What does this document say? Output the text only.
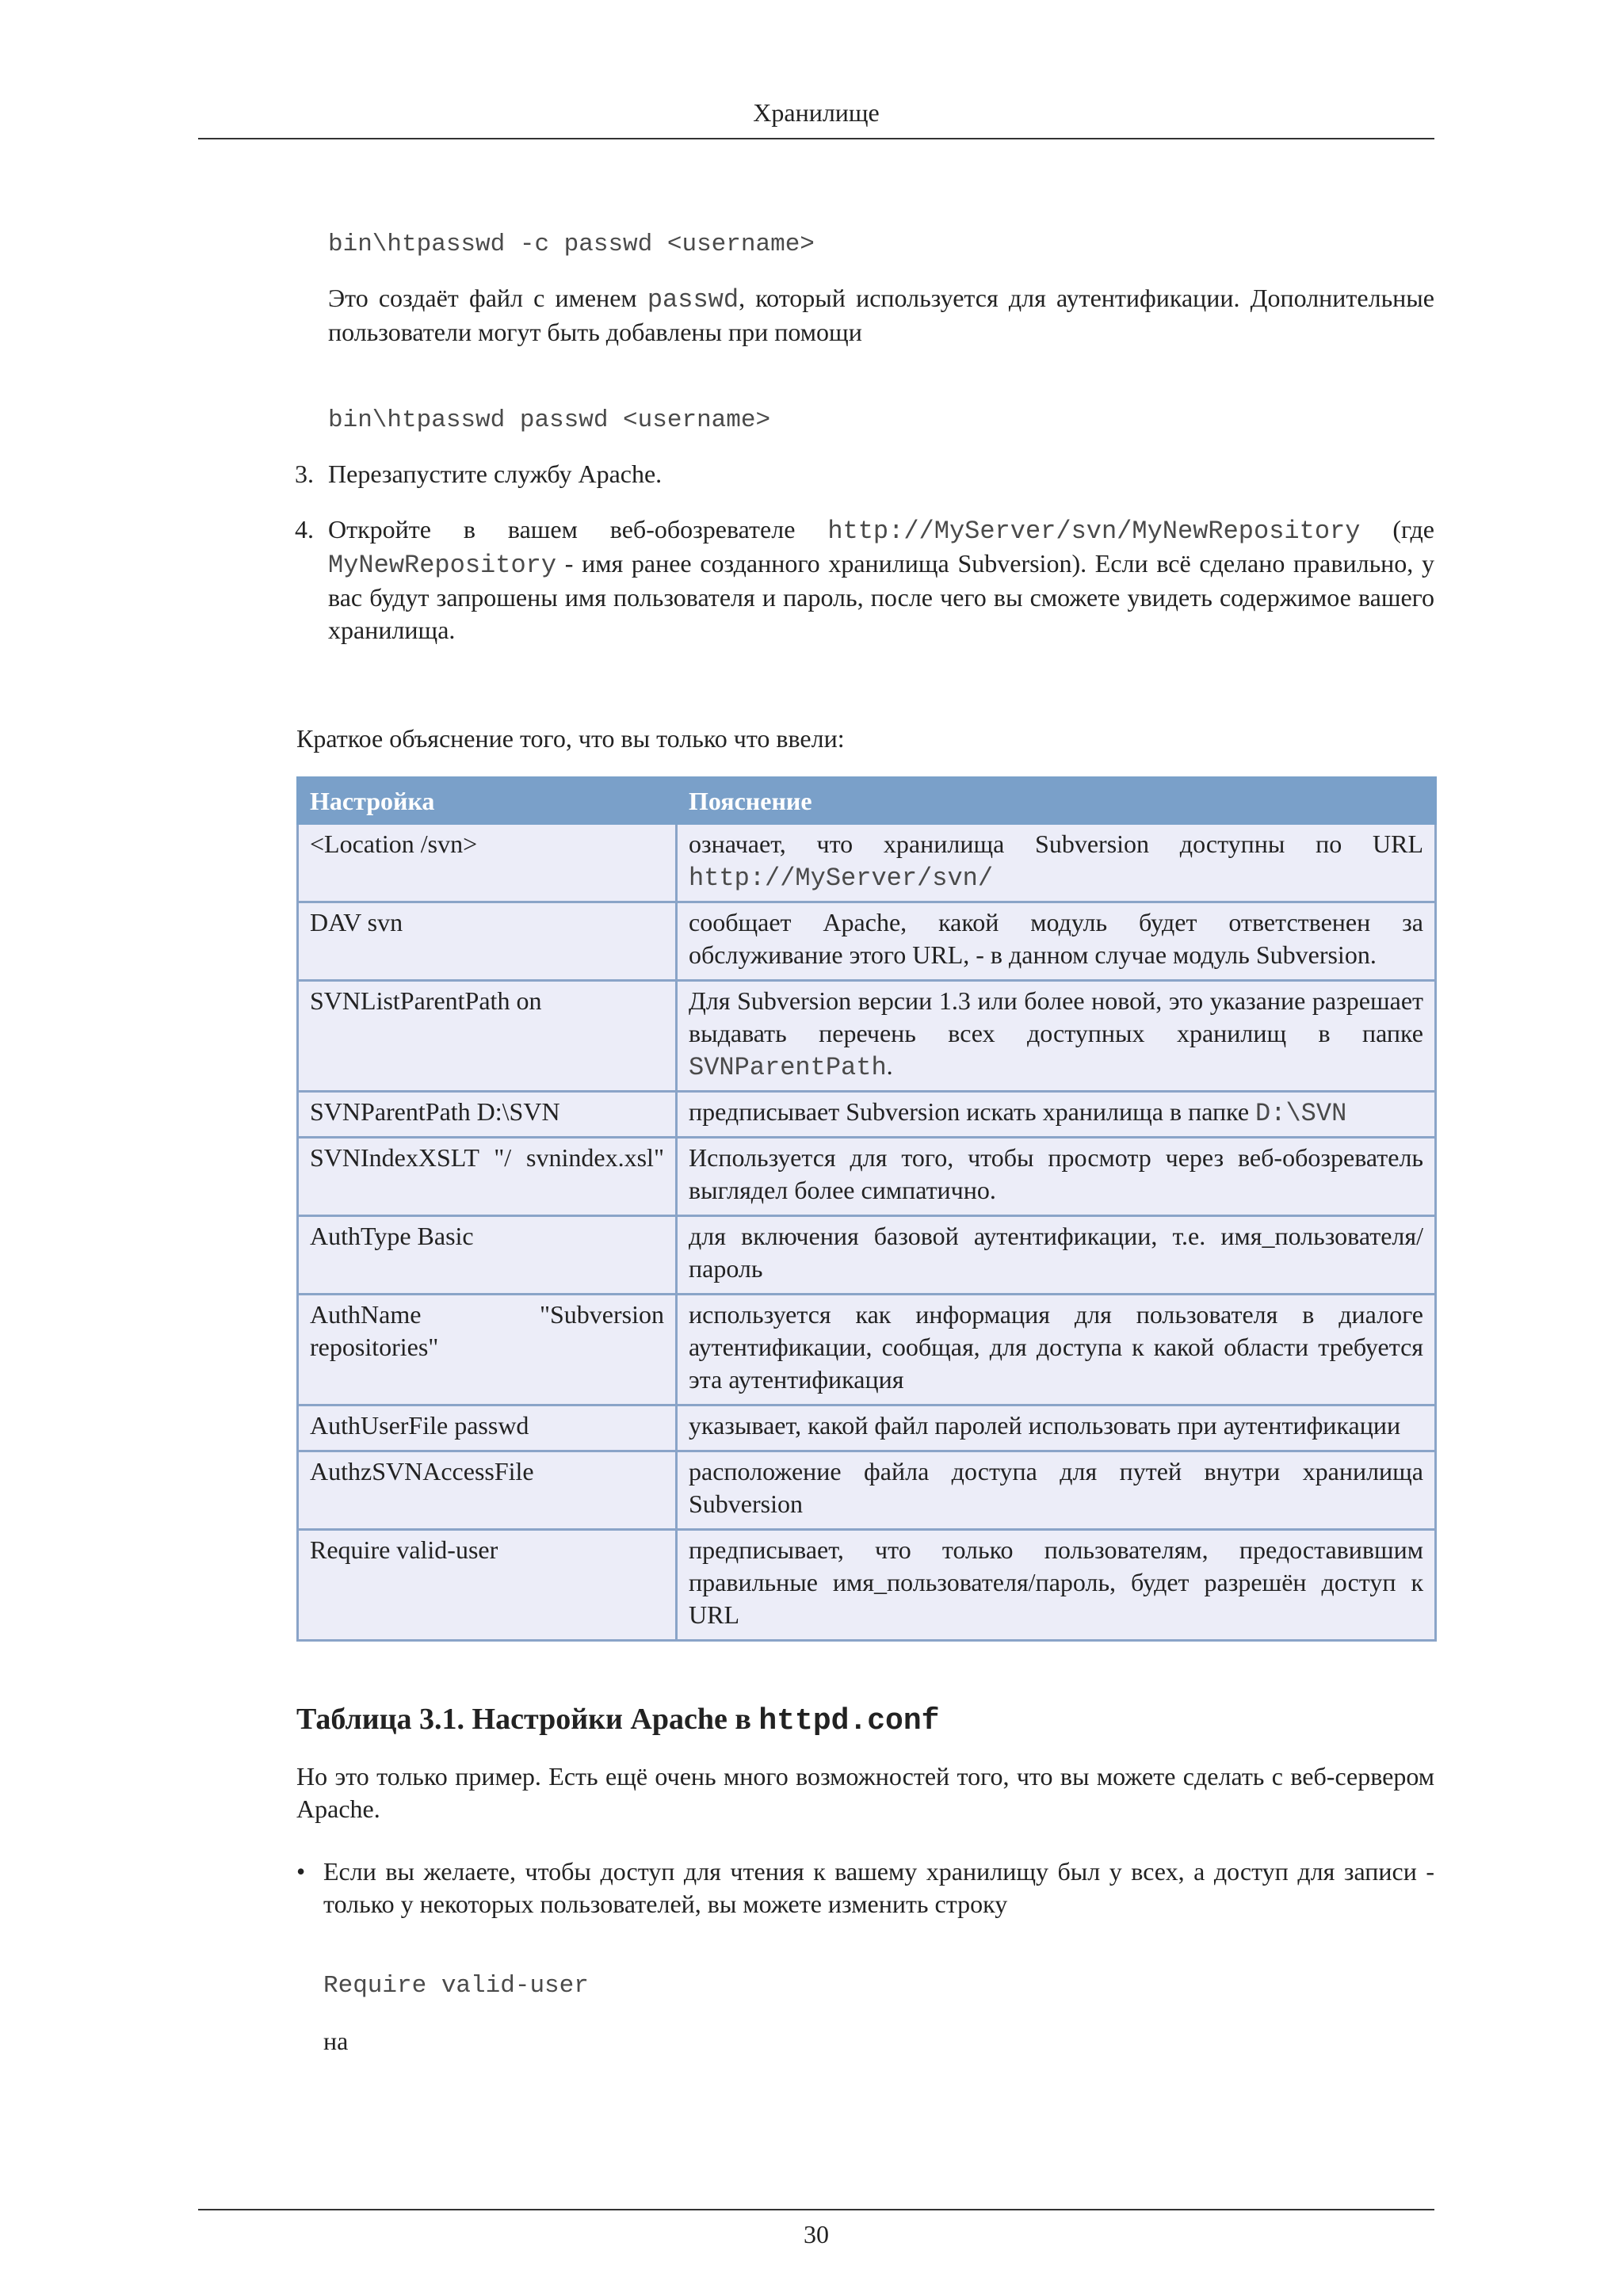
Хранилище
bin\htpasswd -c passwd <username>
Это создаёт файл с именем passwd, который используется для аутентификации. Дополнительные пользователи могут быть добавлены при помощи
bin\htpasswd passwd <username>
3. Перезапустите службу Apache.
4. Откройте в вашем веб-обозревателе http://MyServer/svn/MyNewRepository (где MyNewRepository - имя ранее созданного хранилища Subversion). Если всё сделано правильно, у вас будут запрошены имя пользователя и пароль, после чего вы сможете увидеть содержимое вашего хранилища.
Краткое объяснение того, что вы только что ввели:
Настройка	Пояснение
<Location /svn>	означает, что хранилища Subversion доступны по URL http://MyServer/svn/
DAV svn	сообщает Apache, какой модуль будет ответственен за обслуживание этого URL, - в данном случае модуль Subversion.
SVNListParentPath on	Для Subversion версии 1.3 или более новой, это указание разрешает выдавать перечень всех доступных хранилищ в папке SVNParentPath.
SVNParentPath D:\SVN	предписывает Subversion искать хранилища в папке D:\SVN
SVNIndexXSLT "/ svnindex.xsl"	Используется для того, чтобы просмотр через веб-обозреватель выглядел более симпатично.
AuthType Basic	для включения базовой аутентификации, т.е. имя_пользователя/пароль
AuthName "Subversion repositories"	используется как информация для пользователя в диалоге аутентификации, сообщая, для доступа к какой области требуется эта аутентификация
AuthUserFile passwd	указывает, какой файл паролей использовать при аутентификации
AuthzSVNAccessFile	расположение файла доступа для путей внутри хранилища Subversion
Require valid-user	предписывает, что только пользователям, предоставившим правильные имя_пользователя/пароль, будет разрешён доступ к URL
Таблица 3.1. Настройки Apache в httpd.conf
Но это только пример. Есть ещё очень много возможностей того, что вы можете сделать с веб-сервером Apache.
• Если вы желаете, чтобы доступ для чтения к вашему хранилищу был у всех, а доступ для записи - только у некоторых пользователей, вы можете изменить строку
Require valid-user
на
30
